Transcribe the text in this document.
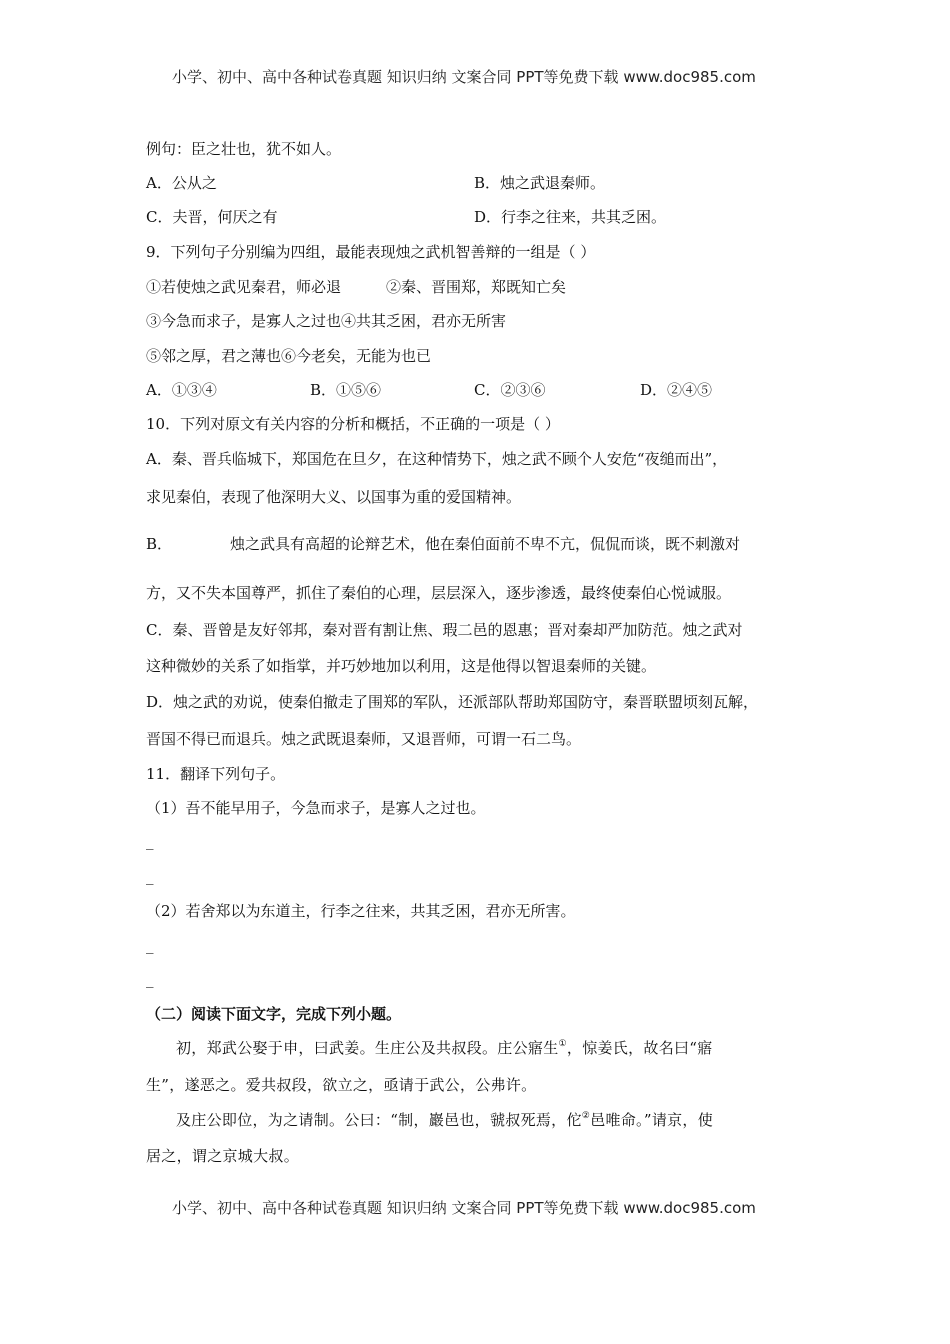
小学、初中、高中各种试卷真题 知识归纳 文案合同 PPT等免费下载 www.doc985.com
例句：臣之壮也，犹不如人。
A．公从之	B．烛之武退秦师。
C．夫晋，何厌之有	D．行李之往来，共其乏困。
9．下列句子分别编为四组，最能表现烛之武机智善辩的一组是（ ）
①若使烛之武见秦君，师必退	②秦、晋围郑，郑既知亡矣
③今急而求子，是寡人之过也④共其乏困，君亦无所害
⑤邻之厚，君之薄也⑥今老矣，无能为也已
A．①③④	B．①⑤⑥	C．②③⑥	D．②④⑤
10．下列对原文有关内容的分析和概括，不正确的一项是（ ）
A．秦、晋兵临城下，郑国危在旦夕，在这种情势下，烛之武不顾个人安危“夜缒而出”，
求见秦伯，表现了他深明大义、以国事为重的爱国精神。
B．	烛之武具有高超的论辩艺术，他在秦伯面前不卑不亢，侃侃而谈，既不刺激对
方，又不失本国尊严，抓住了秦伯的心理，层层深入，逐步渗透，最终使秦伯心悦诚服。
C．秦、晋曾是友好邻邦，秦对晋有割让焦、瑕二邑的恩惠；晋对秦却严加防范。烛之武对
这种微妙的关系了如指掌，并巧妙地加以利用，这是他得以智退秦师的关键。
D．烛之武的劝说，使秦伯撤走了围郑的军队，还派部队帮助郑国防守，秦晋联盟顷刻瓦解，
晋国不得已而退兵。烛之武既退秦师，又退晋师，可谓一石二鸟。
11．翻译下列句子。
（1）吾不能早用子，今急而求子，是寡人之过也。
_
_
（2）若舍郑以为东道主，行李之往来，共其乏困，君亦无所害。
_
_
（二）阅读下面文字，完成下列小题。
初，郑武公娶于申，曰武姜。生庄公及共叔段。庄公寤生①，惊姜氏，故名曰“寤
生”，遂恶之。爱共叔段，欲立之，亟请于武公，公弗许。
及庄公即位，为之请制。公曰：“制，巖邑也，虢叔死焉，佗②邑唯命。”请京，使
居之，谓之京城大叔。
小学、初中、高中各种试卷真题 知识归纳 文案合同 PPT等免费下载 www.doc985.com
